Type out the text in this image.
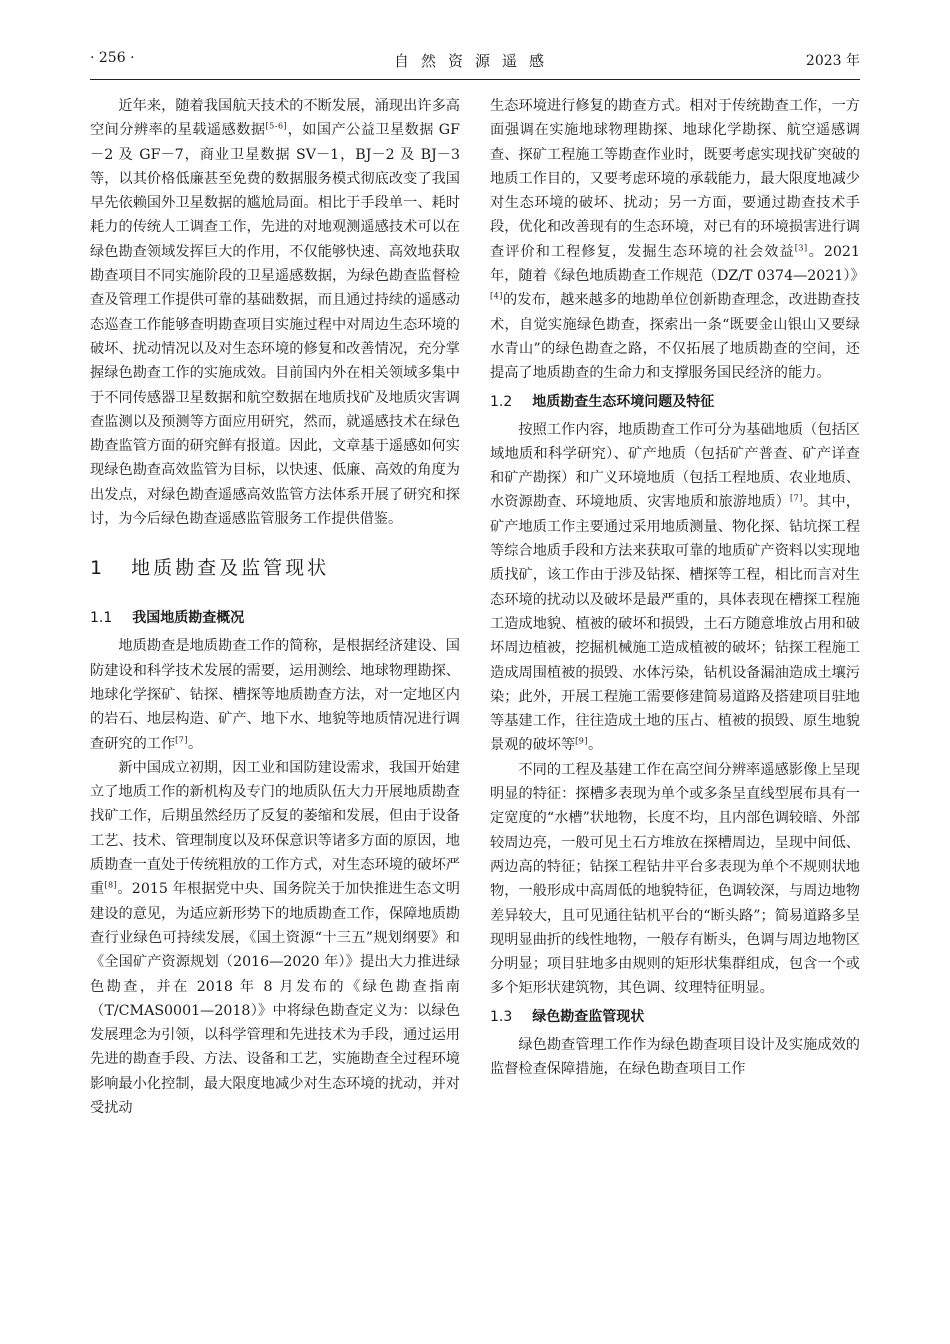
· 256 ·	自然资源遥感	2023 年

近年来，随着我国航天技术的不断发展，涌现出许多高空间分辨率的星载遥感数据[5-6]，如国产公益卫星数据 GF－2 及 GF－7，商业卫星数据 SV－1，BJ－2 及 BJ－3 等，以其价格低廉甚至免费的数据服务模式彻底改变了我国早先依赖国外卫星数据的尴尬局面。相比于手段单一、耗时耗力的传统人工调查工作，先进的对地观测遥感技术可以在绿色勘查领域发挥巨大的作用，不仅能够快速、高效地获取勘查项目不同实施阶段的卫星遥感数据，为绿色勘查监督检查及管理工作提供可靠的基础数据，而且通过持续的遥感动态巡查工作能够查明勘查项目实施过程中对周边生态环境的破坏、扰动情况以及对生态环境的修复和改善情况，充分掌握绿色勘查工作的实施成效。目前国内外在相关领域多集中于不同传感器卫星数据和航空数据在地质找矿及地质灾害调查监测以及预测等方面应用研究，然而，就遥感技术在绿色勘查监管方面的研究鲜有报道。因此，文章基于遥感如何实现绿色勘查高效监管为目标，以快速、低廉、高效的角度为出发点，对绿色勘查遥感高效监管方法体系开展了研究和探讨，为今后绿色勘查遥感监管服务工作提供借鉴。

1 地质勘查及监管现状
1.1 我国地质勘查概况

地质勘查是地质勘查工作的简称，是根据经济建设、国防建设和科学技术发展的需要，运用测绘、地球物理勘探、地球化学探矿、钻探、槽探等地质勘查方法，对一定地区内的岩石、地层构造、矿产、地下水、地貌等地质情况进行调查研究的工作[7]。

新中国成立初期，因工业和国防建设需求，我国开始建立了地质工作的新机构及专门的地质队伍大力开展地质勘查找矿工作，后期虽然经历了反复的萎缩和发展，但由于设备工艺、技术、管理制度以及环保意识等诸多方面的原因，地质勘查一直处于传统粗放的工作方式，对生态环境的破坏严重[8]。2015 年根据党中央、国务院关于加快推进生态文明建设的意见，为适应新形势下的地质勘查工作，保障地质勘查行业绿色可持续发展，《国土资源“十三五”规划纲要》和《全国矿产资源规划（2016—2020 年）》提出大力推进绿色勘查，并在 2018 年 8 月发布的《绿色勘查指南（T/CMAS0001—2018）》中将绿色勘查定义为：以绿色发展理念为引领，以科学管理和先进技术为手段，通过运用先进的勘查手段、方法、设备和工艺，实施勘查全过程环境影响最小化控制，最大限度地减少对生态环境的扰动，并对受扰动

生态环境进行修复的勘查方式。相对于传统勘查工作，一方面强调在实施地球物理勘探、地球化学勘探、航空遥感调查、探矿工程施工等勘查作业时，既要考虑实现找矿突破的地质工作目的，又要考虑环境的承载能力，最大限度地减少对生态环境的破坏、扰动；另一方面，要通过勘查技术手段，优化和改善现有的生态环境，对已有的环境损害进行调查评价和工程修复，发掘生态环境的社会效益[3]。2021 年，随着《绿色地质勘查工作规范（DZ/T 0374—2021）》[4]的发布，越来越多的地勘单位创新勘查理念，改进勘查技术，自觉实施绿色勘查，探索出一条“既要金山银山又要绿水青山”的绿色勘查之路，不仅拓展了地质勘查的空间，还提高了地质勘查的生命力和支撑服务国民经济的能力。

1.2 地质勘查生态环境问题及特征

按照工作内容，地质勘查工作可分为基础地质（包括区域地质和科学研究）、矿产地质（包括矿产普查、矿产详查和矿产勘探）和广义环境地质（包括工程地质、农业地质、水资源勘查、环境地质、灾害地质和旅游地质）[7]。其中，矿产地质工作主要通过采用地质测量、物化探、钻坑探工程等综合地质手段和方法来获取可靠的地质矿产资料以实现地质找矿，该工作由于涉及钻探、槽探等工程，相比而言对生态环境的扰动以及破坏是最严重的，具体表现在槽探工程施工造成地貌、植被的破坏和损毁，土石方随意堆放占用和破坏周边植被，挖掘机械施工造成植被的破坏；钻探工程施工造成周围植被的损毁、水体污染，钻机设备漏油造成土壤污染；此外，开展工程施工需要修建简易道路及搭建项目驻地等基建工作，往往造成土地的压占、植被的损毁、原生地貌景观的破坏等[9]。

不同的工程及基建工作在高空间分辨率遥感影像上呈现明显的特征：探槽多表现为单个或多条呈直线型展布具有一定宽度的“水槽”状地物，长度不均，且内部色调较暗、外部较周边亮，一般可见土石方堆放在探槽周边，呈现中间低、两边高的特征；钻探工程钻井平台多表现为单个不规则状地物，一般形成中高周低的地貌特征，色调较深，与周边地物差异较大，且可见通往钻机平台的“断头路”；简易道路多呈现明显曲折的线性地物，一般存有断头，色调与周边地物区分明显；项目驻地多由规则的矩形状集群组成，包含一个或多个矩形状建筑物，其色调、纹理特征明显。

1.3 绿色勘查监管现状

绿色勘查管理工作作为绿色勘查项目设计及实施成效的监督检查保障措施，在绿色勘查项目工作
